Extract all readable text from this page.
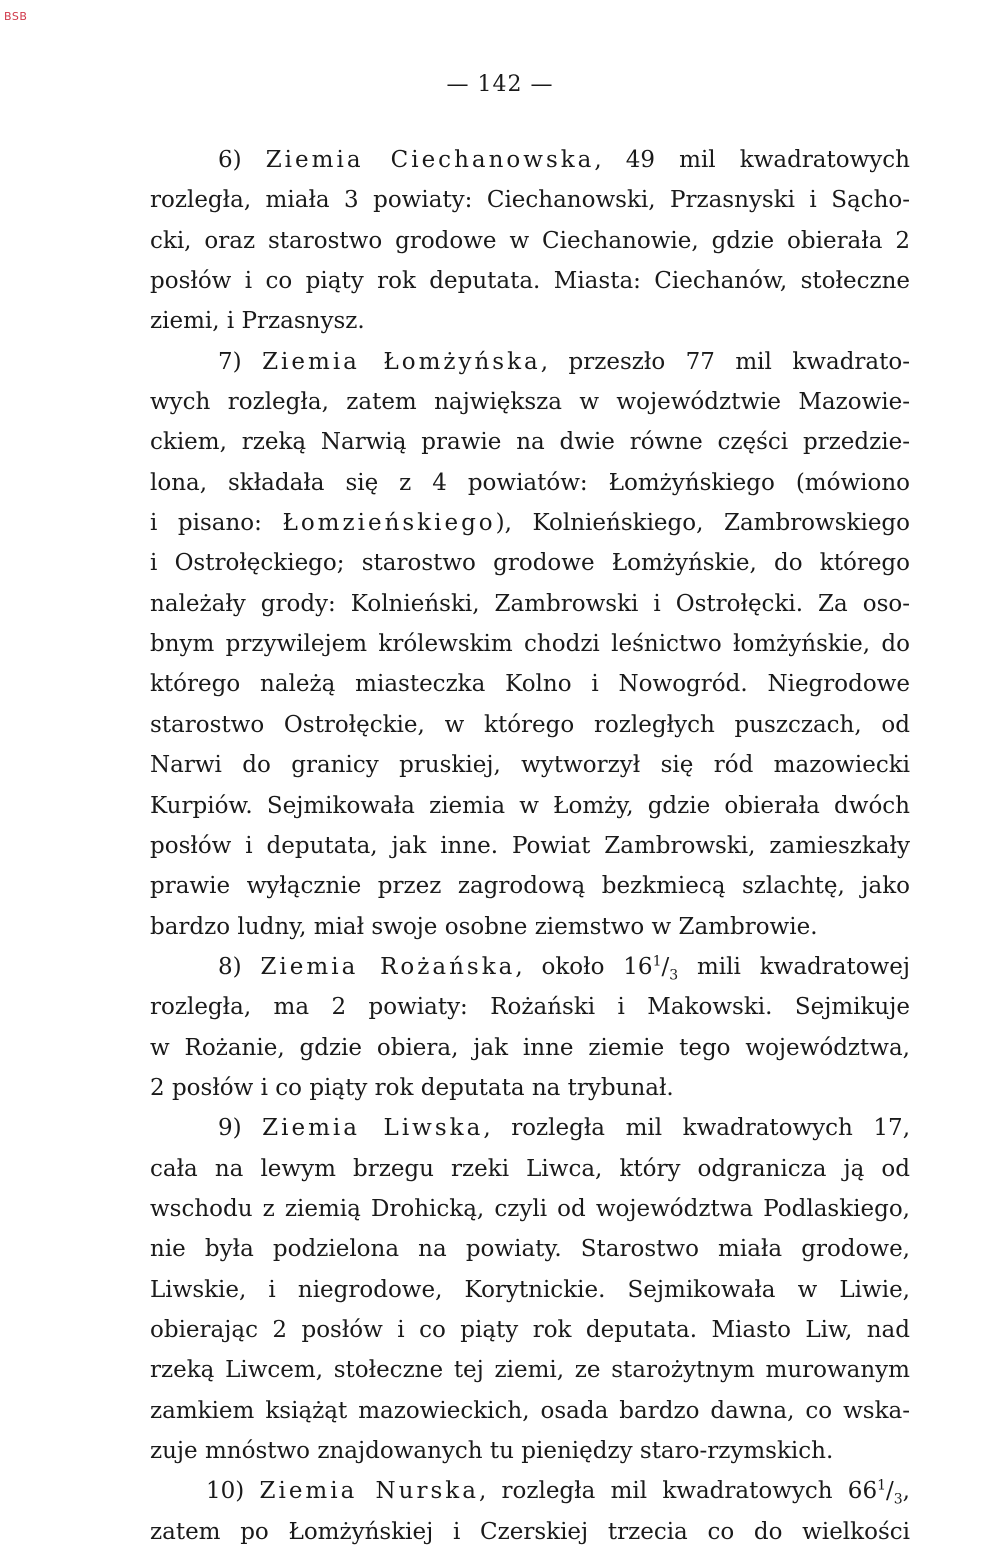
BSB
— 142 —
6) Ziemia Ciechanowska, 49 mil kwadratowych
rozległa, miała 3 powiaty: Ciechanowski, Przasnyski i Sącho-
cki, oraz starostwo grodowe w Ciechanowie, gdzie obierała 2
posłów i co piąty rok deputata. Miasta: Ciechanów, stołeczne
ziemi, i Przasnysz.
7) Ziemia Łomżyńska, przeszło 77 mil kwadrato-
wych rozległa, zatem największa w województwie Mazowie-
ckiem, rzeką Narwią prawie na dwie równe części przedzie-
lona, składała się z 4 powiatów: Łomżyńskiego (mówiono
i pisano: Łomzieńskiego), Kolnieńskiego, Zambrowskiego
i Ostrołęckiego; starostwo grodowe Łomżyńskie, do którego
należały grody: Kolnieński, Zambrowski i Ostrołęcki. Za oso-
bnym przywilejem królewskim chodzi leśnictwo łomżyńskie, do
którego należą miasteczka Kolno i Nowogród. Niegrodowe
starostwo Ostrołęckie, w którego rozległych puszczach, od
Narwi do granicy pruskiej, wytworzył się ród mazowiecki
Kurpiów. Sejmikowała ziemia w Łomży, gdzie obierała dwóch
posłów i deputata, jak inne. Powiat Zambrowski, zamieszkały
prawie wyłącznie przez zagrodową bezkmiecą szlachtę, jako
bardzo ludny, miał swoje osobne ziemstwo w Zambrowie.
8) Ziemia Rożańska, około $16^1/_3$ mili kwadratowej
rozległa, ma 2 powiaty: Rożański i Makowski. Sejmikuje
w Rożanie, gdzie obiera, jak inne ziemie tego województwa,
2 posłów i co piąty rok deputata na trybunał.
9) Ziemia Liwska, rozległa mil kwadratowych 17,
cała na lewym brzegu rzeki Liwca, który odgranicza ją od
wschodu z ziemią Drohicką, czyli od województwa Podlaskiego,
nie była podzielona na powiaty. Starostwo miała grodowe,
Liwskie, i niegrodowe, Korytnickie. Sejmikowała w Liwie,
obierając 2 posłów i co piąty rok deputata. Miasto Liw, nad
rzeką Liwcem, stołeczne tej ziemi, ze starożytnym murowanym
zamkiem książąt mazowieckich, osada bardzo dawna, co wska-
zuje mnóstwo znajdowanych tu pieniędzy staro-rzymskich.
10) Ziemia Nurska, rozległa mil kwadratowych $66^1/_3$,
zatem po Łomżyńskiej i Czerskiej trzecia co do wielkości
